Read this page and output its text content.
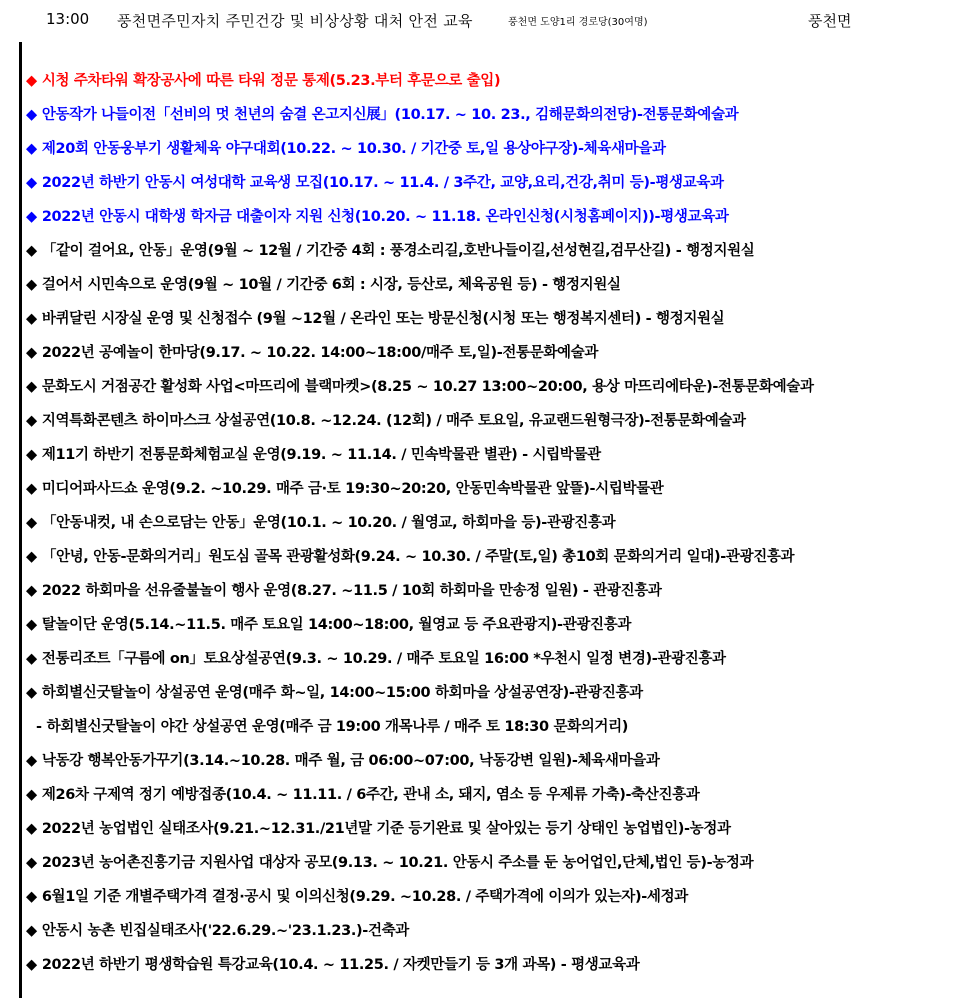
13:00 풍천면주민자치 주민건강 및 비상상황 대처 안전 교육	풍천면 도양1리 경로당(30여명)	풍천면
◆ 시청 주차타워 확장공사에 따른 타워 정문 통제(5.23.부터 후문으로 출입)
◆ 안동작가 나들이전「선비의 멋 천년의 숨결 온고지신展」(10.17. ~ 10. 23., 김해문화의전당)-전통문화예술과
◆ 제20회 안동웅부기 생활체육 야구대회(10.22. ~ 10.30. / 기간중 토,일 용상야구장)-체육새마을과
◆ 2022년 하반기 안동시 여성대학 교육생 모집(10.17. ~ 11.4. / 3주간, 교양,요리,건강,취미 등)-평생교육과
◆ 2022년 안동시 대학생 학자금 대출이자 지원 신청(10.20. ~ 11.18. 온라인신청(시청홈페이지))-평생교육과
◆ 「같이 걸어요, 안동」운영(9월 ~ 12월 / 기간중 4회 : 풍경소리길,호반나들이길,선성현길,검무산길) - 행정지원실
◆ 걸어서 시민속으로 운영(9월 ~ 10월 / 기간중 6회 : 시장, 등산로, 체육공원 등) - 행정지원실
◆ 바퀴달린 시장실 운영 및 신청접수 (9월 ~12월 / 온라인 또는 방문신청(시청 또는 행정복지센터) - 행정지원실
◆ 2022년 공예놀이 한마당(9.17. ~ 10.22. 14:00~18:00/매주 토,일)-전통문화예술과
◆ 문화도시 거점공간 활성화 사업<마뜨리에 블랙마켓>(8.25 ~ 10.27 13:00~20:00, 용상 마뜨리에타운)-전통문화예술과
◆ 지역특화콘텐츠 하이마스크 상설공연(10.8. ~12.24. (12회) / 매주 토요일, 유교랜드원형극장)-전통문화예술과
◆ 제11기 하반기 전통문화체험교실 운영(9.19. ~ 11.14. / 민속박물관 별관) - 시립박물관
◆ 미디어파사드쇼 운영(9.2. ~10.29. 매주 금·토 19:30~20:20, 안동민속박물관 앞뜰)-시립박물관
◆ 「안동내컷, 내 손으로담는 안동」운영(10.1. ~ 10.20. / 월영교, 하회마을 등)-관광진흥과
◆ 「안녕, 안동-문화의거리」원도심 골목 관광활성화(9.24. ~ 10.30. / 주말(토,일) 총10회 문화의거리 일대)-관광진흥과
◆ 2022 하회마을 선유줄불놀이 행사 운영(8.27. ~11.5 / 10회 하회마을 만송정 일원) - 관광진흥과
◆ 탈놀이단 운영(5.14.~11.5. 매주 토요일 14:00~18:00, 월영교 등 주요관광지)-관광진흥과
◆ 전통리조트「구름에 on」토요상설공연(9.3. ~ 10.29. / 매주 토요일 16:00 *우천시 일정 변경)-관광진흥과
◆ 하회별신굿탈놀이 상설공연 운영(매주 화~일, 14:00~15:00 하회마을 상설공연장)-관광진흥과
- 하회별신굿탈놀이 야간 상설공연 운영(매주 금 19:00 개목나루 / 매주 토 18:30 문화의거리)
◆ 낙동강 행복안동가꾸기(3.14.~10.28. 매주 월, 금 06:00~07:00, 낙동강변 일원)-체육새마을과
◆ 제26차 구제역 정기 예방접종(10.4. ~ 11.11. / 6주간, 관내 소, 돼지, 염소 등 우제류 가축)-축산진흥과
◆ 2022년 농업법인 실태조사(9.21.~12.31./21년말 기준 등기완료 및 살아있는 등기 상태인 농업법인)-농정과
◆ 2023년 농어촌진흥기금 지원사업 대상자 공모(9.13. ~ 10.21. 안동시 주소를 둔 농어업인,단체,법인 등)-농정과
◆ 6월1일 기준 개별주택가격 결정·공시 및 이의신청(9.29. ~10.28. / 주택가격에 이의가 있는자)-세정과
◆ 안동시 농촌 빈집실태조사('22.6.29.~'23.1.23.)-건축과
◆ 2022년 하반기 평생학습원 특강교육(10.4. ~ 11.25. / 자켓만들기 등 3개 과목) - 평생교육과
